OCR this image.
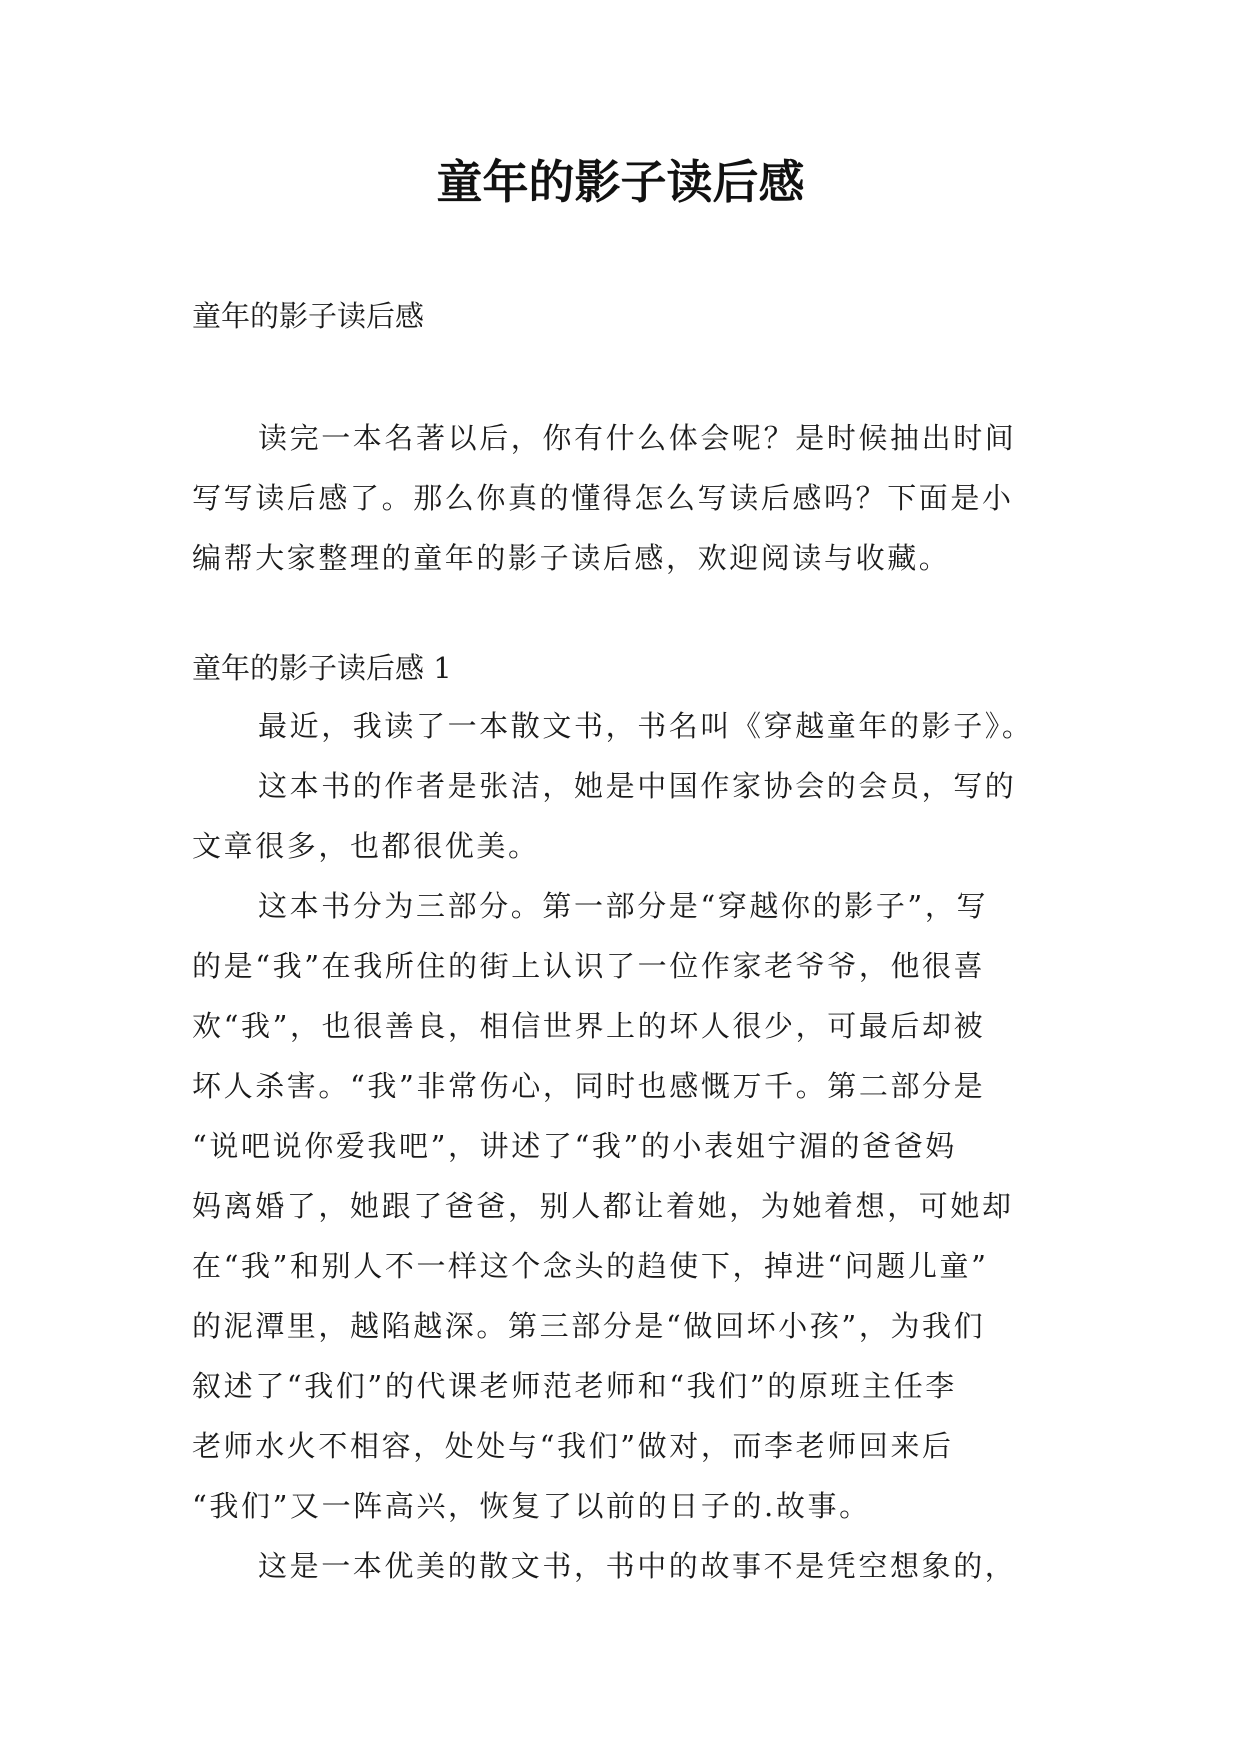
童年的影子读后感

童年的影子读后感

读完一本名著以后，你有什么体会呢？是时候抽出时间
写写读后感了。那么你真的懂得怎么写读后感吗？下面是小
编帮大家整理的童年的影子读后感，欢迎阅读与收藏。

童年的影子读后感 1

最近，我读了一本散文书，书名叫《穿越童年的影子》。
这本书的作者是张洁，她是中国作家协会的会员，写的
文章很多，也都很优美。
这本书分为三部分。第一部分是“穿越你的影子”，写
的是“我”在我所住的街上认识了一位作家老爷爷，他很喜
欢“我”，也很善良，相信世界上的坏人很少，可最后却被
坏人杀害。“我”非常伤心，同时也感慨万千。第二部分是
“说吧说你爱我吧”，讲述了“我”的小表姐宁湄的爸爸妈
妈离婚了，她跟了爸爸，别人都让着她，为她着想，可她却
在“我”和别人不一样这个念头的趋使下，掉进“问题儿童”
的泥潭里，越陷越深。第三部分是“做回坏小孩”，为我们
叙述了“我们”的代课老师范老师和“我们”的原班主任李
老师水火不相容，处处与“我们”做对，而李老师回来后
“我们”又一阵高兴，恢复了以前的日子的.故事。
这是一本优美的散文书，书中的故事不是凭空想象的，
